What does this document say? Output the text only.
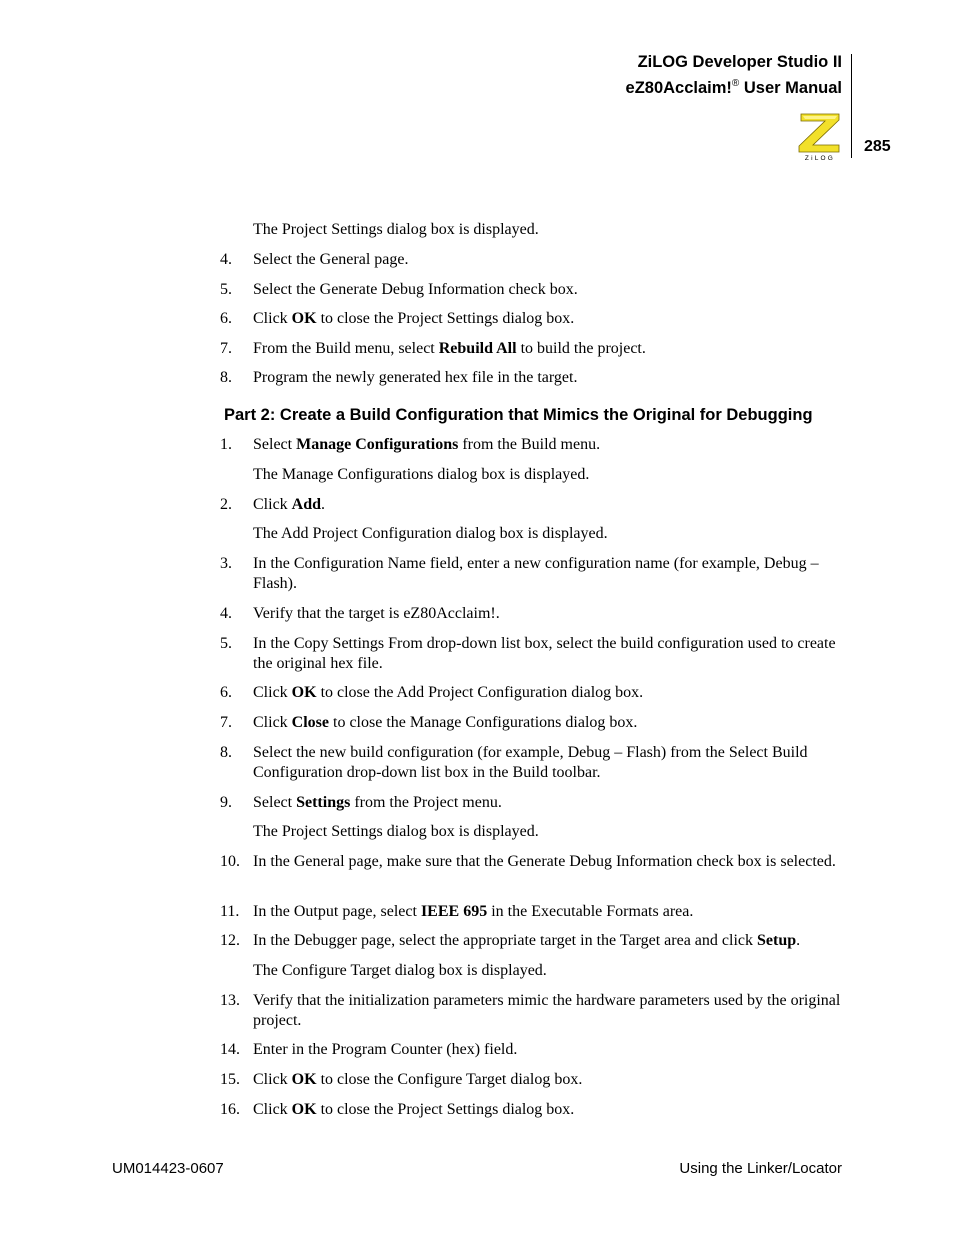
ZiLOG Developer Studio II
eZ80Acclaim!® User Manual
ZiLOG
285
The Project Settings dialog box is displayed.
Part 2: Create a Build Configuration that Mimics the Original for Debugging
4.	Select the General page.
5.	Select the Generate Debug Information check box.
6.	Click OK to close the Project Settings dialog box.
7.	From the Build menu, select Rebuild All to build the project.
8.	Program the newly generated hex file in the target.
1.	Select Manage Configurations from the Build menu.
The Manage Configurations dialog box is displayed.
2.	Click Add.
The Add Project Configuration dialog box is displayed.
3.	In the Configuration Name field, enter a new configuration name (for example, Debug – Flash).
4.	Verify that the target is eZ80Acclaim!.
5.	In the Copy Settings From drop-down list box, select the build configuration used to create the original hex file.
6.	Click OK to close the Add Project Configuration dialog box.
7.	Click Close to close the Manage Configurations dialog box.
8.	Select the new build configuration (for example, Debug – Flash) from the Select Build Configuration drop-down list box in the Build toolbar.
9.	Select Settings from the Project menu.
The Project Settings dialog box is displayed.
10. In the General page, make sure that the Generate Debug Information check box is selected.
11. In the Output page, select IEEE 695 in the Executable Formats area.
12. In the Debugger page, select the appropriate target in the Target area and click Setup.
The Configure Target dialog box is displayed.
13. Verify that the initialization parameters mimic the hardware parameters used by the original project.
14. Enter in the Program Counter (hex) field.
15. Click OK to close the Configure Target dialog box.
16. Click OK to close the Project Settings dialog box.
UM014423-0607	Using the Linker/Locator
